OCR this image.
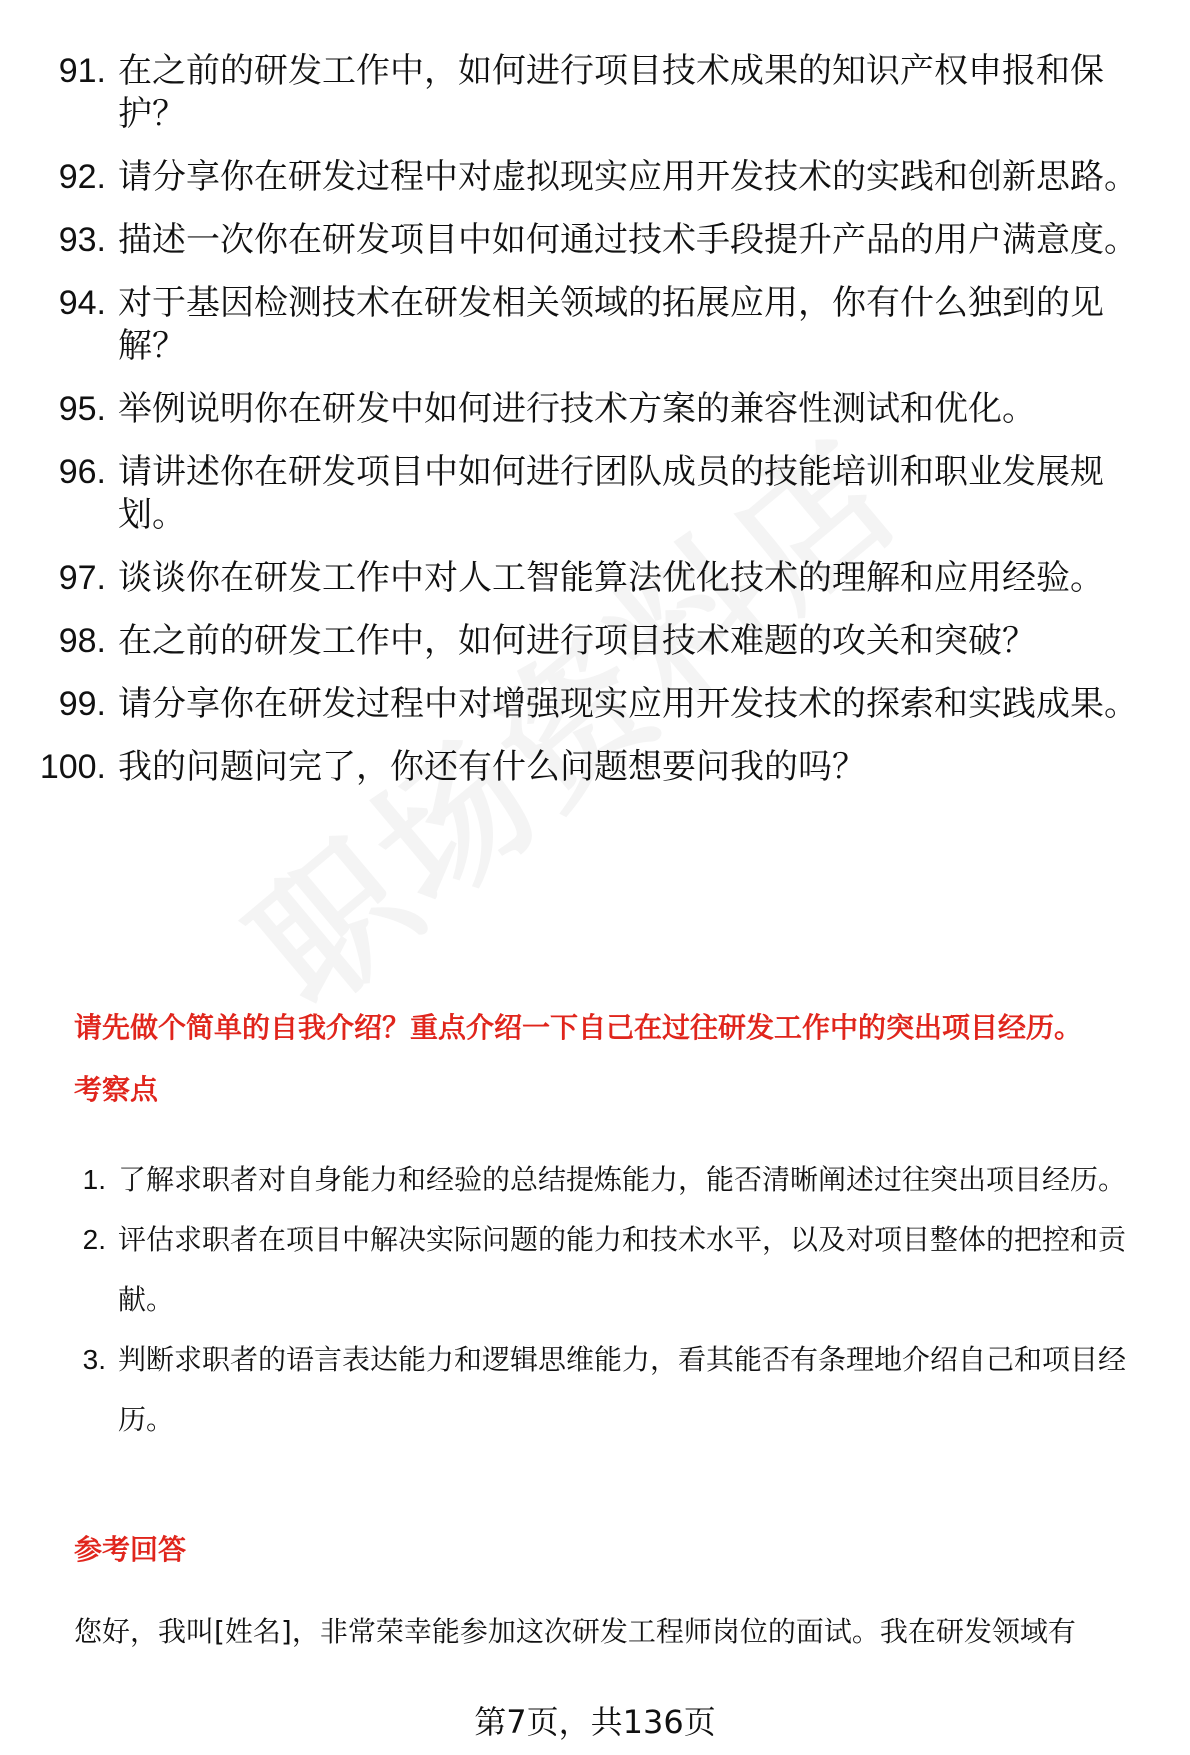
91. 在之前的研发工作中，如何进行项目技术成果的知识产权申报和保护？
92. 请分享你在研发过程中对虚拟现实应用开发技术的实践和创新思路。
93. 描述一次你在研发项目中如何通过技术手段提升产品的用户满意度。
94. 对于基因检测技术在研发相关领域的拓展应用，你有什么独到的见解？
95. 举例说明你在研发中如何进行技术方案的兼容性测试和优化。
96. 请讲述你在研发项目中如何进行团队成员的技能培训和职业发展规划。
97. 谈谈你在研发工作中对人工智能算法优化技术的理解和应用经验。
98. 在之前的研发工作中，如何进行项目技术难题的攻关和突破？
99. 请分享你在研发过程中对增强现实应用开发技术的探索和实践成果。
100. 我的问题问完了，你还有什么问题想要问我的吗？
请先做个简单的自我介绍？重点介绍一下自己在过往研发工作中的突出项目经历。
考察点
1. 了解求职者对自身能力和经验的总结提炼能力，能否清晰阐述过往突出项目经历。
2. 评估求职者在项目中解决实际问题的能力和技术水平，以及对项目整体的把控和贡献。
3. 判断求职者的语言表达能力和逻辑思维能力，看其能否有条理地介绍自己和项目经历。
参考回答
您好，我叫[姓名]，非常荣幸能参加这次研发工程师岗位的面试。我在研发领域有
第7页，共136页
